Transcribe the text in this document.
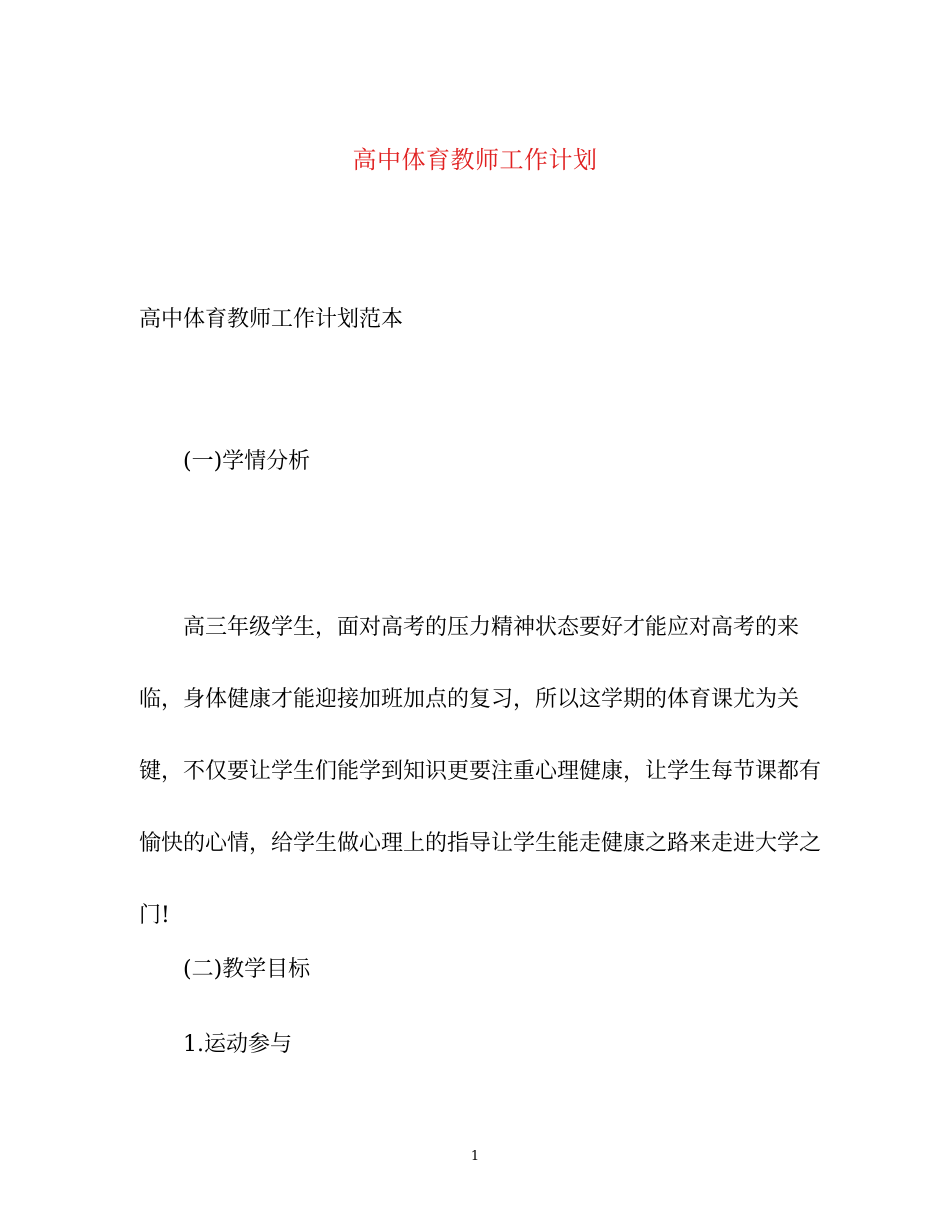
高中体育教师工作计划
高中体育教师工作计划范本
(一)学情分析
高三年级学生，面对高考的压力精神状态要好才能应对高考的来
临，身体健康才能迎接加班加点的复习，所以这学期的体育课尤为关
键，不仅要让学生们能学到知识更要注重心理健康，让学生每节课都有
愉快的心情，给学生做心理上的指导让学生能走健康之路来走进大学之
门!
(二)教学目标
1.运动参与
1
